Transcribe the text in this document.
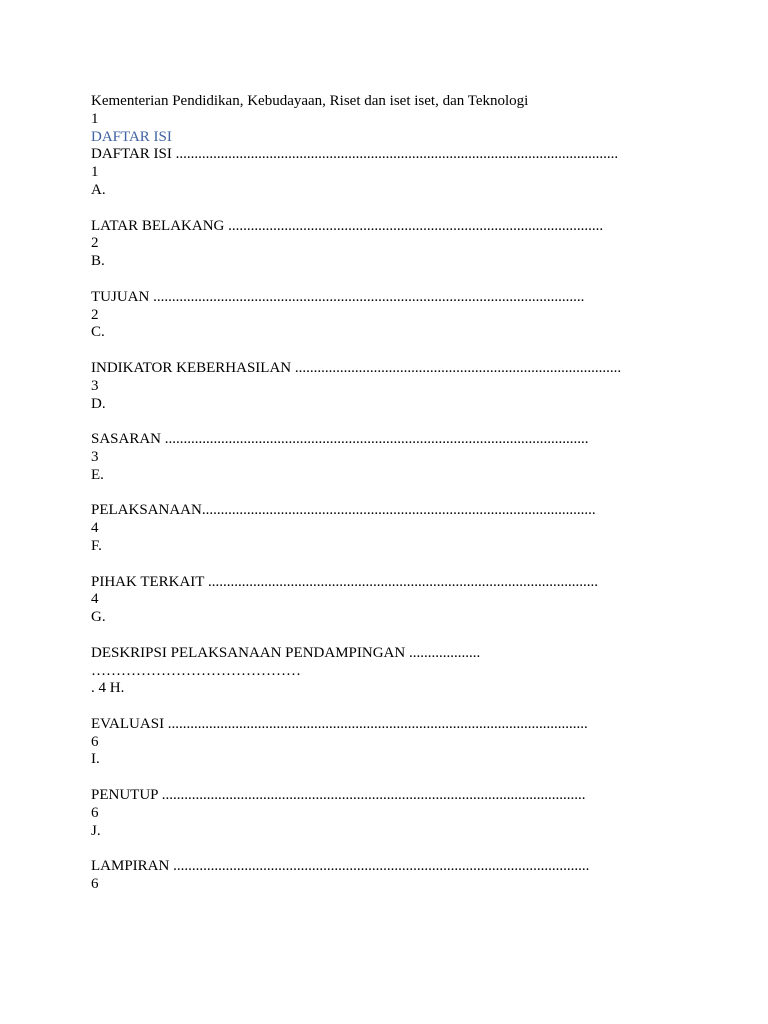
Kementerian Pendidikan, Kebudayaan, Riset dan iset iset, dan Teknologi
1
DAFTAR ISI
DAFTAR ISI ......................................................................................................................
1
A.
LATAR BELAKANG ....................................................................................................
2
B.
TUJUAN ...................................................................................................................
2
C.
INDIKATOR KEBERHASILAN .......................................................................................
3
D.
SASARAN .................................................................................................................
3
E.
PELAKSANAAN.........................................................................................................
4
F.
PIHAK TERKAIT ........................................................................................................
4
G.
DESKRIPSI PELAKSANAAN PENDAMPINGAN ...................
……………………………………
. 4 H.
EVALUASI ................................................................................................................
6
I.
PENUTUP .................................................................................................................
6
J.
LAMPIRAN ...............................................................................................................
6
